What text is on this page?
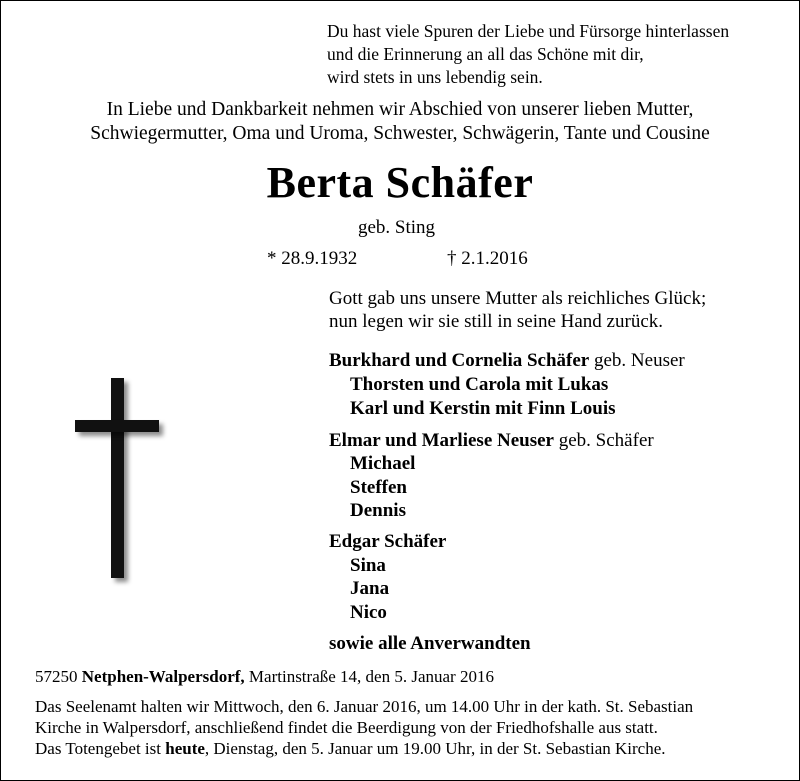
Du hast viele Spuren der Liebe und Fürsorge hinterlassen
und die Erinnerung an all das Schöne mit dir,
wird stets in uns lebendig sein.
In Liebe und Dankbarkeit nehmen wir Abschied von unserer lieben Mutter,
Schwiegermutter, Oma und Uroma, Schwester, Schwägerin, Tante und Cousine
Berta Schäfer
geb. Sting
* 28.9.1932	† 2.1.2016
Gott gab uns unsere Mutter als reichliches Glück;
nun legen wir sie still in seine Hand zurück.
Burkhard und Cornelia Schäfer geb. Neuser
Thorsten und Carola mit Lukas
Karl und Kerstin mit Finn Louis
Elmar und Marliese Neuser geb. Schäfer
Michael
Steffen
Dennis
Edgar Schäfer
Sina
Jana
Nico
sowie alle Anverwandten
57250 Netphen-Walpersdorf, Martinstraße 14, den 5. Januar 2016
Das Seelenamt halten wir Mittwoch, den 6. Januar 2016, um 14.00 Uhr in der kath. St. Sebastian
Kirche in Walpersdorf, anschließend findet die Beerdigung von der Friedhofshalle aus statt.
Das Totengebet ist heute, Dienstag, den 5. Januar um 19.00 Uhr, in der St. Sebastian Kirche.
